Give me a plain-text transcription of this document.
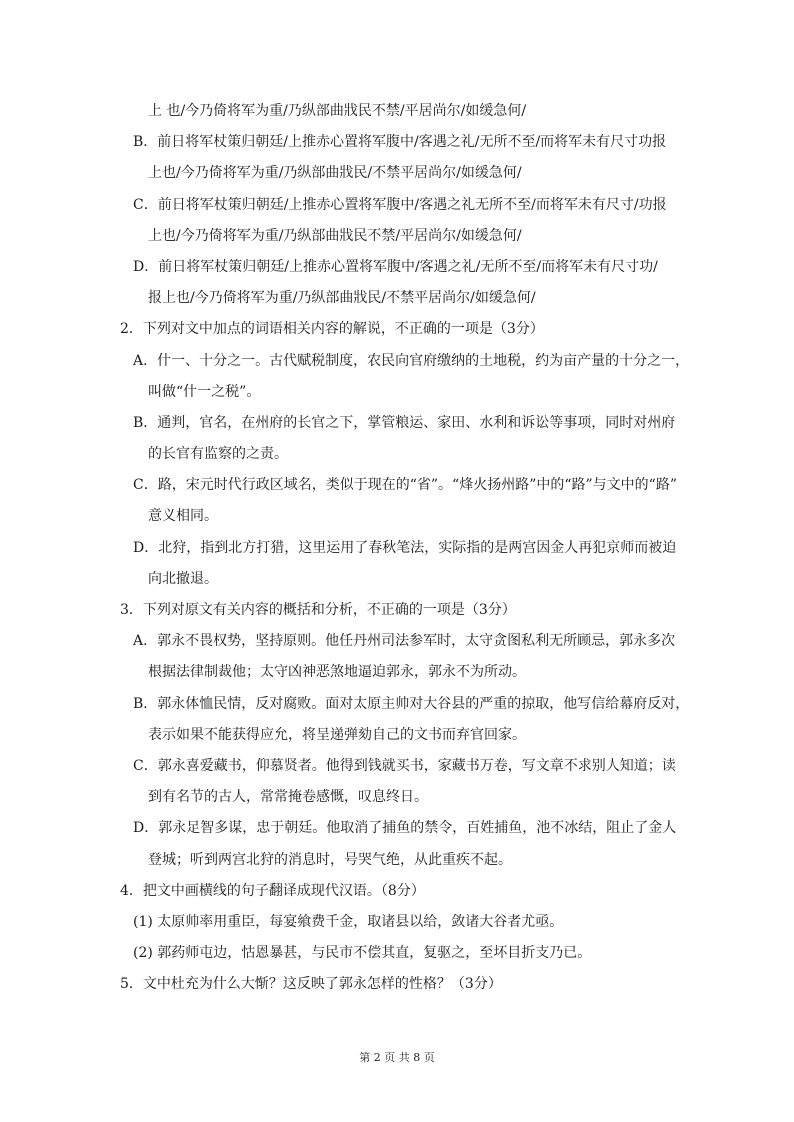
上 也/今乃倚将军为重/乃纵部曲戕民不禁/平居尚尔/如缓急何/
B．前日将军杖策归朝廷/上推赤心置将军腹中/客遇之礼/无所不至/而将军未有尺寸功报
上也/今乃倚将军为重/乃纵部曲戕民/不禁平居尚尔/如缓急何/
C．前日将军杖策归朝廷/上推赤心置将军腹中/客遇之礼无所不至/而将军未有尺寸/功报
上也/今乃倚将军为重/乃纵部曲戕民不禁/平居尚尔/如缓急何/
D．前日将军杖策归朝廷/上推赤心置将军腹中/客遇之礼/无所不至/而将军未有尺寸功/
报上也/今乃倚将军为重/乃纵部曲戕民/不禁平居尚尔/如缓急何/
2．下列对文中加点的词语相关内容的解说，不正确的一项是（3分）
A．什一、十分之一。古代赋税制度，农民向官府缴纳的土地税，约为亩产量的十分之一，
叫做“什一之税”。
B．通判，官名，在州府的长官之下，掌管粮运、家田、水利和诉讼等事项，同时对州府
的长官有监察的之责。
C．路，宋元时代行政区域名，类似于现在的“省”。“烽火扬州路”中的“路”与文中的“路”
意义相同。
D．北狩，指到北方打猎，这里运用了春秋笔法，实际指的是两宫因金人再犯京师而被迫
向北撤退。
3．下列对原文有关内容的概括和分析，不正确的一项是（3分）
A．郭永不畏权势，坚持原则。他任丹州司法参军时，太守贪图私利无所顾忌，郭永多次
根据法律制裁他；太守凶神恶煞地逼迫郭永，郭永不为所动。
B．郭永体恤民情，反对腐败。面对太原主帅对大谷县的严重的掠取，他写信给幕府反对，
表示如果不能获得应允，将呈递弹劾自己的文书而弃官回家。
C．郭永喜爱藏书，仰慕贤者。他得到钱就买书，家藏书万卷，写文章不求别人知道；读
到有名节的古人，常常掩卷感慨，叹息终日。
D．郭永足智多谋，忠于朝廷。他取消了捕鱼的禁令，百姓捕鱼，池不冰结，阻止了金人
登城；听到两宫北狩的消息时，号哭气绝，从此重疾不起。
4．把文中画横线的句子翻译成现代汉语。（8分）
(1) 太原帅率用重臣，每宴飨费千金，取诸县以给，敛诸大谷者尤亟。
(2) 郭药师屯边，怙恩暴甚，与民市不偿其直，复驱之，至坏目折支乃已。
5．文中杜充为什么大惭？这反映了郭永怎样的性格？（3分）
第 2 页 共 8 页
